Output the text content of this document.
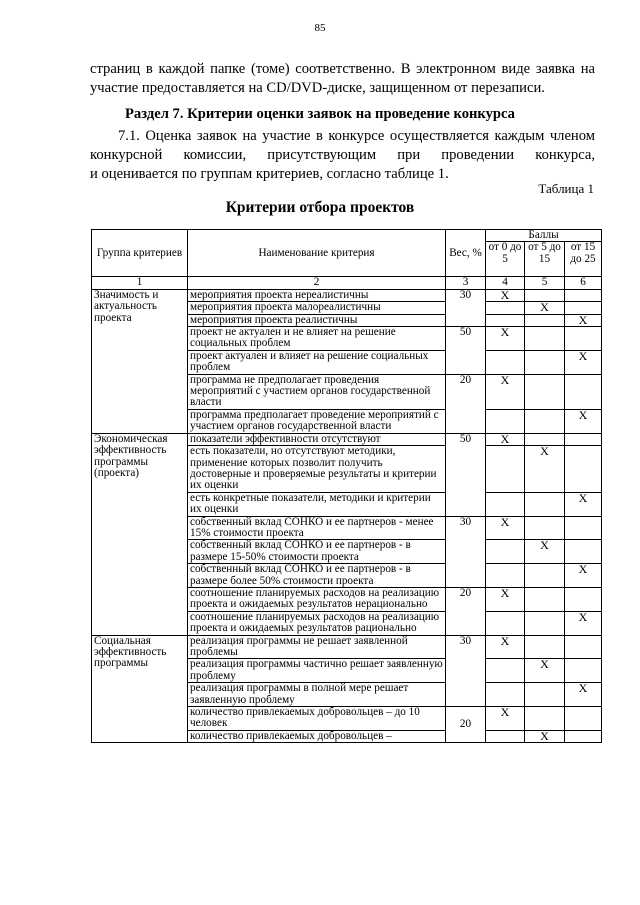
85
страниц в каждой папке (томе) соответственно. В электронном виде заявка на
участие предоставляется на CD/DVD-диске, защищенном от перезаписи.
Раздел 7. Критерии оценки заявок на проведение конкурса
7.1. Оценка заявок на участие в конкурсе осуществляется каждым членом
конкурсной комиссии, присутствующим при проведении конкурса,
и оценивается по группам критериев, согласно таблице 1.
Таблица 1
Критерии отбора проектов
Группа критериев	Наименование критерия	Вес, %	Баллы		
			от 0 до 5	от 5 до 15	от 15 до 25
1	2	3	4	5	6
Значимость и актуальность проекта	мероприятия проекта нереалистичны	30	X		
	мероприятия проекта малореалистичны			X	
	мероприятия проекта реалистичны				X
	проект не актуален и не влияет на решение социальных проблем	50	X		
	проект актуален и влияет на решение социальных проблем				X
	программа не предполагает проведения мероприятий с участием органов государственной власти	20	X		
	программа предполагает проведение мероприятий с участием органов государственной власти				X
Экономическая эффективность программы (проекта)	показатели эффективности отсутствуют	50	X		
	есть показатели, но отсутствуют методики, применение которых позволит получить достоверные и проверяемые результаты и критерии их оценки			X	
	есть конкретные показатели, методики и критерии их оценки				X
	собственный вклад СОНКО и ее партнеров - менее 15% стоимости проекта	30	X		
	собственный вклад СОНКО и ее партнеров - в размере 15-50% стоимости проекта			X	
	собственный вклад СОНКО и ее партнеров - в размере более 50% стоимости проекта				X
	соотношение планируемых расходов на реализацию проекта и ожидаемых результатов нерационально	20	X		
	соотношение планируемых расходов на реализацию проекта и ожидаемых результатов рационально				X
Социальная эффективность программы	реализация программы не решает заявленной проблемы	30	X		
	реализация программы частично решает заявленную проблему			X	
	реализация программы в полной мере решает заявленную проблему				X
	количество привлекаемых добровольцев – до 10 человек	20	X		
	количество привлекаемых добровольцев –			X	
